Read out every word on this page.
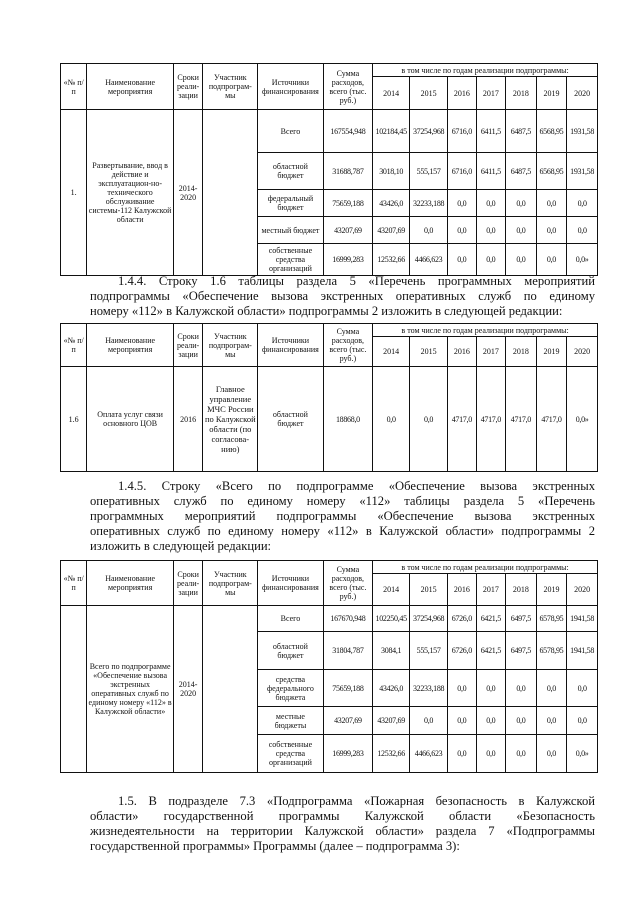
«№ п/п	Наименование мероприятия	Сроки реали-зации	Участник подпрограм-мы	Источники финансирования	Сумма расходов, всего (тыс. руб.)	в том числе по годам реализации подпрограммы:						
						2014	2015	2016	2017	2018	2019	2020
1.	Развертывание, ввод в действие и эксплуатацион-но-технического обслуживание системы-112 Калужской области	2014-2020		Всего	167554,948	102184,45	37254,968	6716,0	6411,5	6487,5	6568,95	1931,58
				областной бюджет	31688,787	3018,10	555,157	6716,0	6411,5	6487,5	6568,95	1931,58
				федеральный бюджет	75659,188	43426,0	32233,188	0,0	0,0	0,0	0,0	0,0
				местный бюджет	43207,69	43207,69	0,0	0,0	0,0	0,0	0,0	0,0
				собственные средства организаций	16999,283	12532,66	4466,623	0,0	0,0	0,0	0,0	0,0»
1.4.4. Строку 1.6 таблицы раздела 5 «Перечень программных мероприятий
подпрограммы «Обеспечение вызова экстренных оперативных служб по единому
номеру «112» в Калужской области» подпрограммы 2 изложить в следующей редакции:
«№ п/п	Наименование мероприятия	Сроки реали-зации	Участник подпрограм-мы	Источники финансирования	Сумма расходов, всего (тыс. руб.)	в том числе по годам реализации подпрограммы:						
						2014	2015	2016	2017	2018	2019	2020
1.6	Оплата услуг связи основного ЦОВ	2016	Главное управление МЧС России по Калужской области (по согласова-нию)	областной бюджет	18868,0	0,0	0,0	4717,0	4717,0	4717,0	4717,0	0,0»
1.4.5. Строку «Всего по подпрограмме «Обеспечение вызова экстренных
оперативных служб по единому номеру «112» таблицы раздела 5 «Перечень
программных мероприятий подпрограммы «Обеспечение вызова экстренных
оперативных служб по единому номеру «112» в Калужской области» подпрограммы 2
изложить в следующей редакции:
«№ п/п	Наименование мероприятия	Сроки реали-зации	Участник подпрограм-мы	Источники финансирования	Сумма расходов, всего (тыс. руб.)	в том числе по годам реализации подпрограммы:						
						2014	2015	2016	2017	2018	2019	2020
	Всего по подпрограмме «Обеспечение вызова экстренных оперативных служб по единому номеру «112» в Калужской области»	2014-2020		Всего	167670,948	102250,45	37254,968	6726,0	6421,5	6497,5	6578,95	1941,58
				областной бюджет	31804,787	3084,1	555,157	6726,0	6421,5	6497,5	6578,95	1941,58
				средства федерального бюджета	75659,188	43426,0	32233,188	0,0	0,0	0,0	0,0	0,0
				местные бюджеты	43207,69	43207,69	0,0	0,0	0,0	0,0	0,0	0,0
				собственные средства организаций	16999,283	12532,66	4466,623	0,0	0,0	0,0	0,0	0,0»
1.5. В подразделе 7.3 «Подпрограмма «Пожарная безопасность в Калужской
области» государственной программы Калужской области «Безопасность
жизнедеятельности на территории Калужской области» раздела 7 «Подпрограммы
государственной программы» Программы (далее – подпрограмма 3):
